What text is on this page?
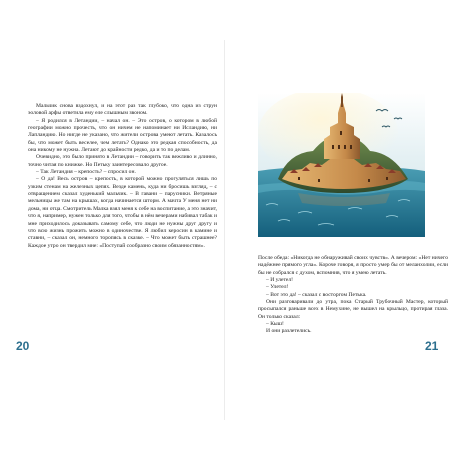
Мальчик снова вздохнул, и на этот раз так глубоко, что одна из струн эоловой арфы ответила ему еле слышным звоном.

– Я родился в Летандии, – начал он. – Это остров, о котором в любой географии можно прочесть, что он ничем не напоминает ни Исландию, ни Лапландию. Но нигде не указано, что жители острова умеют летать. Казалось бы, что может быть веселее, чем летать? Однако это редкая способность, да она никому не нужна. Летают до крайности редко, да и то по делам.

Очевидно, это было принято в Летандии – говорить так вежливо и длинно, точно читая по книжке. Но Петьку заинтересовало другое.

– Так Летандия – крепость? – спросил он.

– О да! Весь остров – крепость, в которой можно прогуляться лишь по узким стенам на железных цепях. Везде камень, куда ни бросишь взгляд, – с отвращением сказал худенький мальчик. – В гавани – парусники. Ветряные мельницы же там на крышах, когда начинается шторм. А мачта У меня нет ни дома, ни отца. Смотритель Малка взял меня к себе на воспитание, а это значит, что я, например, нужен только для того, чтобы в нём вечерами набивал табак и мне приходилось доказывать самому себе, что люди не нужны друг другу и что всю жизнь прожить можно в одиночестве. Я любил керосин в камине и ставни, – сказал он, немного торопясь в сказке. – Что может быть страшнее? Каждое утро он твердил мне: «Поступай сообразно своим обязанностям».

20

После обеда: «Никогда не обнаруживай своих чувств». А вечером: «Нет ничего надёжнее прямого угла». Короче говоря, я просто умер бы от меланхолии, если бы не собрался с духом, вспомнив, что я умею летать.

– И улетел!

– Улетел!

– Вот это да! – сказал с восторгом Петька.

Они разговаривали до утра, пока Старый Трубочный Мастер, который просыпался раньше всех в Немухине, не вышел на крыльцо, протирая глаза. Он только сказал:

– Кыш!

И они разлетелись.

21
